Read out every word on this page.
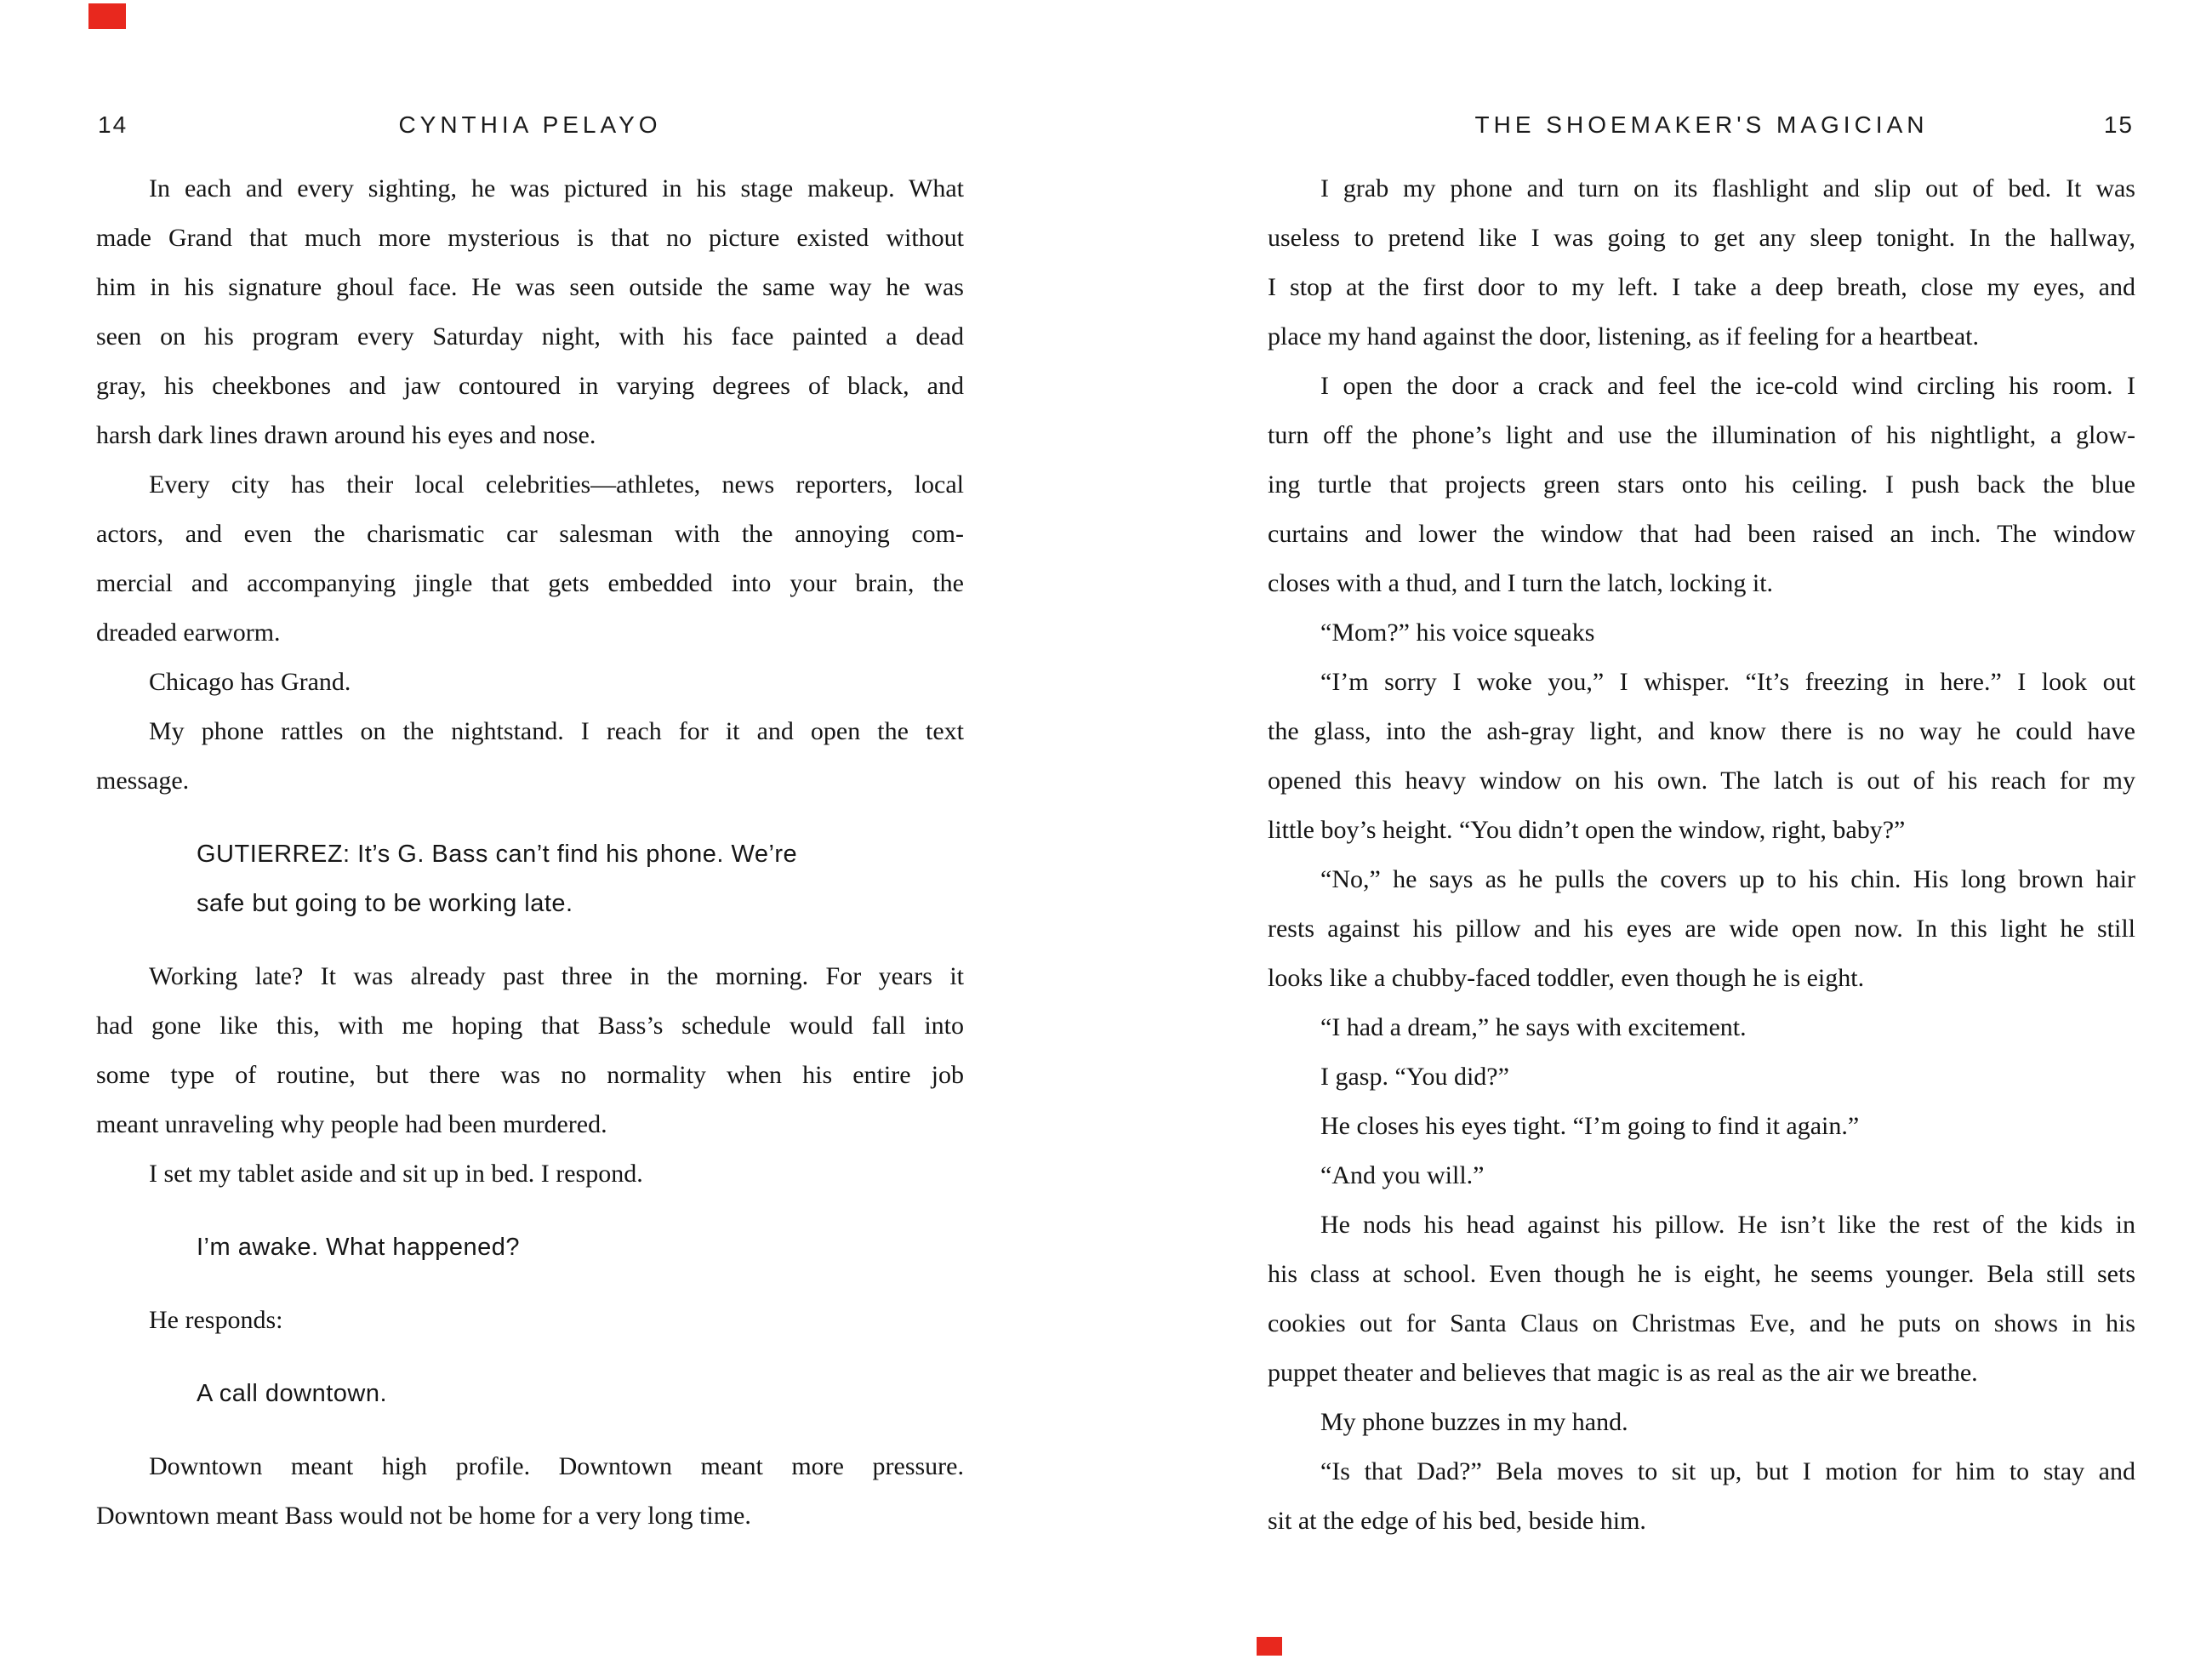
14	CYNTHIA PELAYO
In each and every sighting, he was pictured in his stage makeup. What
made Grand that much more mysterious is that no picture existed without
him in his signature ghoul face. He was seen outside the same way he was
seen on his program every Saturday night, with his face painted a dead
gray, his cheekbones and jaw contoured in varying degrees of black, and
harsh dark lines drawn around his eyes and nose.
Every city has their local celebrities—athletes, news reporters, local
actors, and even the charismatic car salesman with the annoying com-
mercial and accompanying jingle that gets embedded into your brain, the
dreaded earworm.
Chicago has Grand.
My phone rattles on the nightstand. I reach for it and open the text
message.
GUTIERREZ: It’s G. Bass can’t find his phone. We’re
safe but going to be working late.
Working late? It was already past three in the morning. For years it
had gone like this, with me hoping that Bass’s schedule would fall into
some type of routine, but there was no normality when his entire job
meant unraveling why people had been murdered.
I set my tablet aside and sit up in bed. I respond.
I’m awake. What happened?
He responds:
A call downtown.
Downtown meant high profile. Downtown meant more pressure.
Downtown meant Bass would not be home for a very long time.
THE SHOEMAKER'S MAGICIAN	15
I grab my phone and turn on its flashlight and slip out of bed. It was
useless to pretend like I was going to get any sleep tonight. In the hallway,
I stop at the first door to my left. I take a deep breath, close my eyes, and
place my hand against the door, listening, as if feeling for a heartbeat.
I open the door a crack and feel the ice-cold wind circling his room. I
turn off the phone’s light and use the illumination of his nightlight, a glow-
ing turtle that projects green stars onto his ceiling. I push back the blue
curtains and lower the window that had been raised an inch. The window
closes with a thud, and I turn the latch, locking it.
“Mom?” his voice squeaks
“I’m sorry I woke you,” I whisper. “It’s freezing in here.” I look out
the glass, into the ash-gray light, and know there is no way he could have
opened this heavy window on his own. The latch is out of his reach for my
little boy’s height. “You didn’t open the window, right, baby?”
“No,” he says as he pulls the covers up to his chin. His long brown hair
rests against his pillow and his eyes are wide open now. In this light he still
looks like a chubby-faced toddler, even though he is eight.
“I had a dream,” he says with excitement.
I gasp. “You did?”
He closes his eyes tight. “I’m going to find it again.”
“And you will.”
He nods his head against his pillow. He isn’t like the rest of the kids in
his class at school. Even though he is eight, he seems younger. Bela still sets
cookies out for Santa Claus on Christmas Eve, and he puts on shows in his
puppet theater and believes that magic is as real as the air we breathe.
My phone buzzes in my hand.
“Is that Dad?” Bela moves to sit up, but I motion for him to stay and
sit at the edge of his bed, beside him.
